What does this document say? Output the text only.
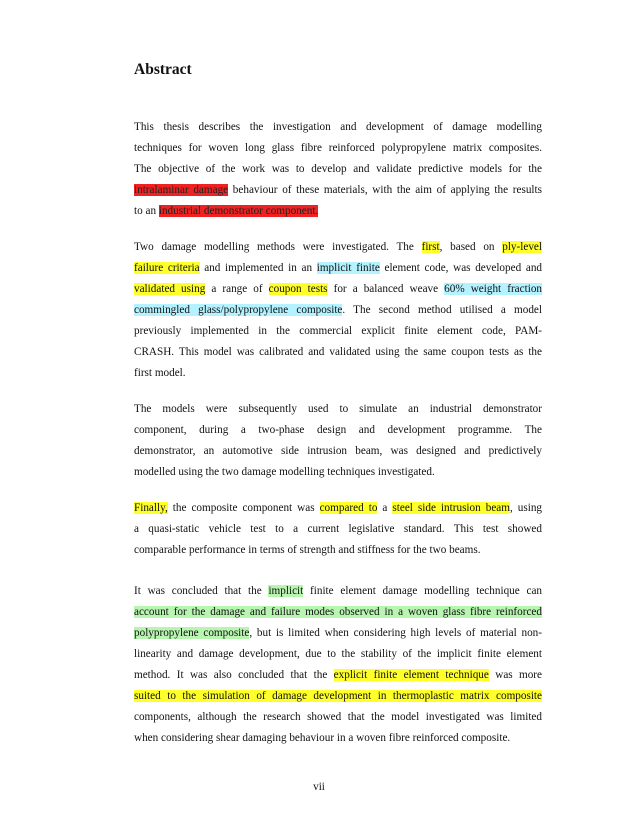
Abstract
This thesis describes the investigation and development of damage modelling
techniques for woven long glass fibre reinforced polypropylene matrix composites.
The objective of the work was to develop and validate predictive models for the
intralaminar damage behaviour of these materials, with the aim of applying the results
to an industrial demonstrator component.
Two damage modelling methods were investigated. The first, based on ply-level
failure criteria and implemented in an implicit finite element code, was developed and
validated using a range of coupon tests for a balanced weave 60% weight fraction
commingled glass/polypropylene composite. The second method utilised a model
previously implemented in the commercial explicit finite element code, PAM-
CRASH. This model was calibrated and validated using the same coupon tests as the
first model.
The models were subsequently used to simulate an industrial demonstrator
component, during a two-phase design and development programme. The
demonstrator, an automotive side intrusion beam, was designed and predictively
modelled using the two damage modelling techniques investigated.
Finally, the composite component was compared to a steel side intrusion beam, using
a quasi-static vehicle test to a current legislative standard. This test showed
comparable performance in terms of strength and stiffness for the two beams.
It was concluded that the implicit finite element damage modelling technique can
account for the damage and failure modes observed in a woven glass fibre reinforced
polypropylene composite, but is limited when considering high levels of material non-
linearity and damage development, due to the stability of the implicit finite element
method. It was also concluded that the explicit finite element technique was more
suited to the simulation of damage development in thermoplastic matrix composite
components, although the research showed that the model investigated was limited
when considering shear damaging behaviour in a woven fibre reinforced composite.
vii
